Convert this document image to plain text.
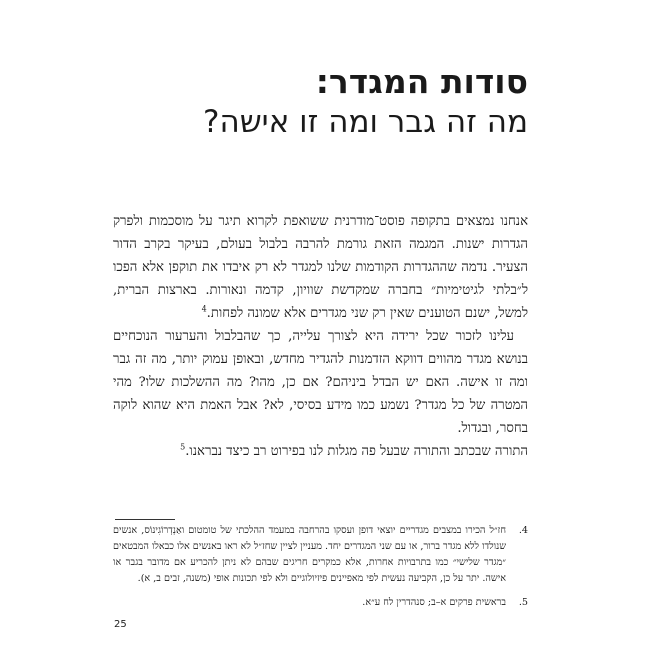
סודות המגדר:
מה זה גבר ומה זו אישה?

אנחנו נמצאים בתקופה פוסט־מודרנית ששואפת לקרוא תיגר על מוסכמות ולפרק הגדרות ישנות. המגמה הזאת גורמת להרבה בלבול בעולם, בעיקר בקרב הדור הצעיר. נדמה שההגדרות הקודמות שלנו למגדר לא רק איבדו את תוקפן אלא הפכו ל״בלתי לגיטימיות״ בחברה שמקדשת שוויון, קדמה ונאורות. בארצות הברית, למשל, ישנם הטוענים שאין רק שני מגדרים אלא שמונה לפחות.$^4$

עלינו לזכור שכל ירידה היא לצורך עלייה, כך שהבלבול והערעור הנוכחיים בנושא מגדר מהווים דווקא הזדמנות להגדיר מחדש, ובאופן עמוק יותר, מה זה גבר ומה זו אישה. האם יש הבדל ביניהם? אם כן, מהו? מה ההשלכות שלו? מהי המטרה של כל מגדר? נשמע כמו מידע בסיסי, לא? אבל האמת היא שהוא לוקה בחסר, ובגדול.

התורה שבכתב והתורה שבעל פה מגלות לנו בפירוט רב כיצד נבראנו.$^5$

4.
חז״ל הכירו במצבים מגדריים יוצאי דופן ועסקו בהרחבה במעמד ההלכתי של טומטום ואַנְדְרוֹגִינוֹס, אנשים שנולדו ללא מגדר ברור, או עם שני המגדרים יחד. מעניין לציין שחז״ל לא ראו באנשים אלו כבאלו המבטאים ״מגדר שלישי״ כמו בתרבויות אחרות, אלא כמקרים חריגים שבהם לא ניתן להכריע אם מדובר בגבר או אישה. יתר על כן, הקביעה נעשית לפי מאפיינים פיזיולוגיים ולא לפי תכונות אופי (משנה, זבים ב, א).
5.
בראשית פרקים א–ב; סנהדרין לח ע״א.
25
